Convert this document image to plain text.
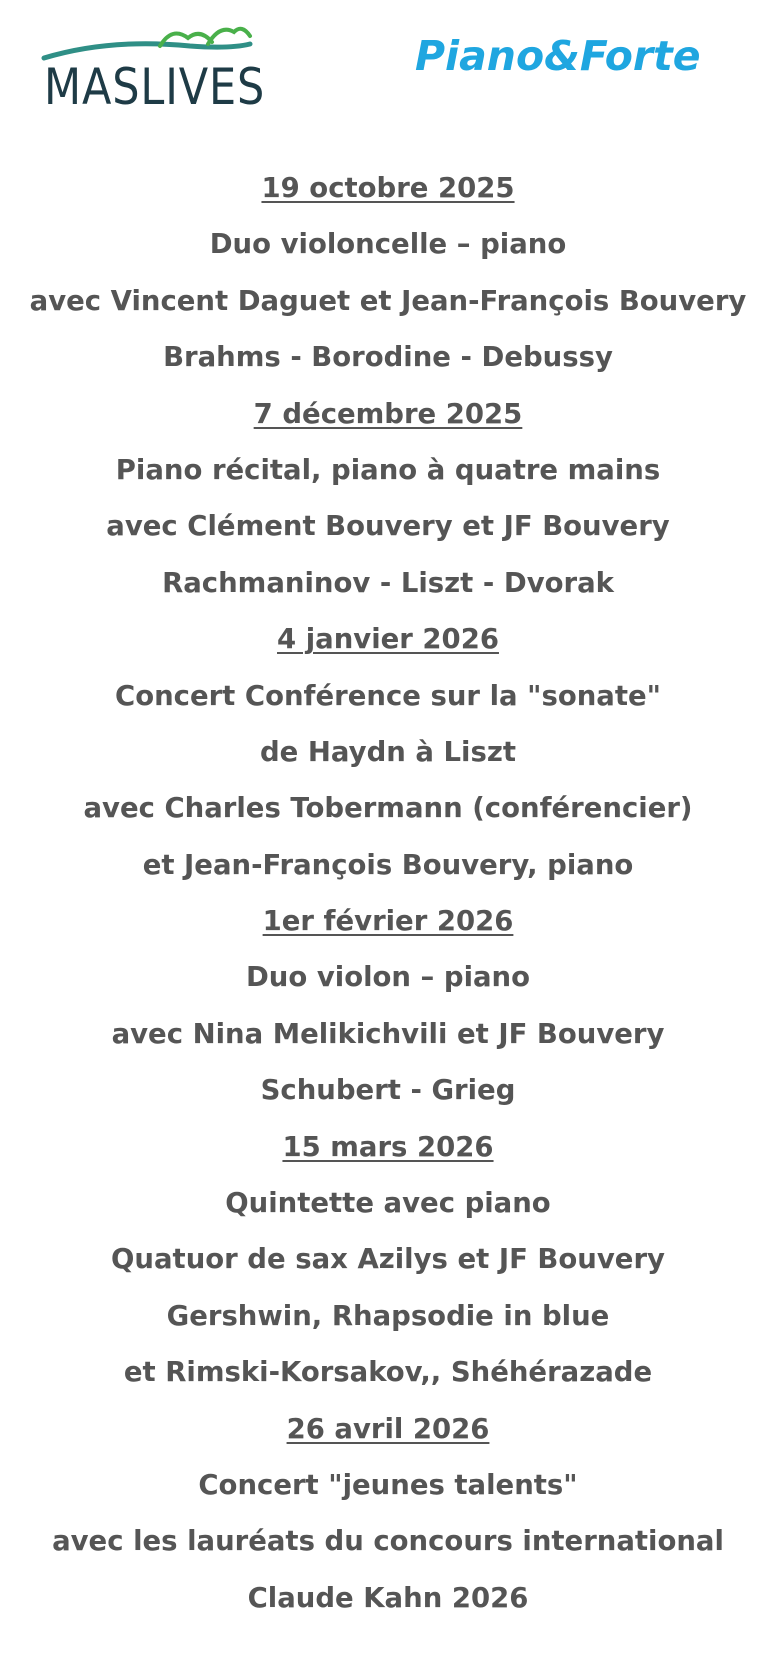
MASLIVES
Piano&Forte
19 octobre 2025
Duo violoncelle – piano
avec Vincent Daguet et Jean-François Bouvery
Brahms - Borodine - Debussy
7 décembre 2025
Piano récital, piano à quatre mains
avec Clément Bouvery et JF Bouvery
Rachmaninov - Liszt - Dvorak
4 janvier 2026
Concert Conférence sur la "sonate"
de Haydn à Liszt
avec Charles Tobermann (conférencier)
et Jean-François Bouvery, piano
1er février 2026
Duo violon – piano
avec Nina Melikichvili et JF Bouvery
Schubert - Grieg
15 mars 2026
Quintette avec piano
Quatuor de sax Azilys et JF Bouvery
Gershwin, Rhapsodie in blue
et Rimski-Korsakov,, Shéhérazade
26 avril 2026
Concert "jeunes talents"
avec les lauréats du concours international
Claude Kahn 2026
